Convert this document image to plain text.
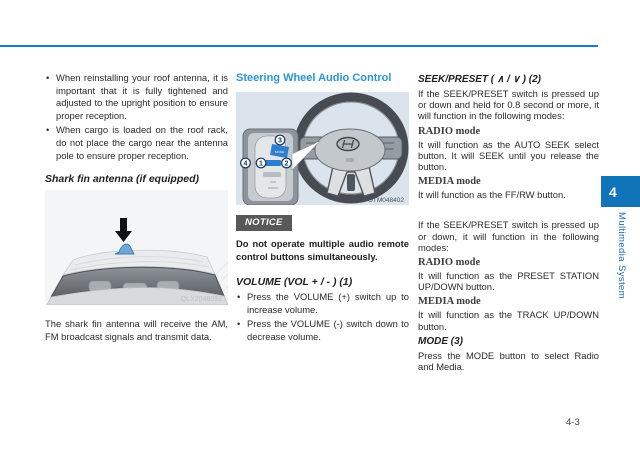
• When reinstalling your roof antenna, it is important that it is fully tightened and adjusted to the upright position to ensure proper reception.
• When cargo is loaded on the roof rack, do not place the cargo near the antenna pole to ensure proper reception.
Shark fin antenna (if equipped)
QLX2048092

The shark fin antenna will receive the AM, FM broadcast signals and transmit data.

Steering Wheel Audio Control
MODE
3
1
4	2
OTM048402
NOTICE

Do not operate multiple audio remote control buttons simultaneously.

VOLUME (VOL + / - ) (1)
• Press the VOLUME (+) switch up to increase volume.
• Press the VOLUME (-) switch down to decrease volume.
SEEK/PRESET ( ∧ / ∨ ) (2)

If the SEEK/PRESET switch is pressed up or down and held for 0.8 second or more, it will function in the following modes:

RADIO mode

It will function as the AUTO SEEK select button. It will SEEK until you release the button.

MEDIA mode

It will function as the FF/RW button.

If the SEEK/PRESET switch is pressed up or down, it will function in the following modes:

RADIO mode

It will function as the PRESET STATION UP/DOWN button.

MEDIA mode

It will function as the TRACK UP/DOWN button.

MODE (3)

Press the MODE button to select Radio and Media.

4
Multimedia System
4-3
